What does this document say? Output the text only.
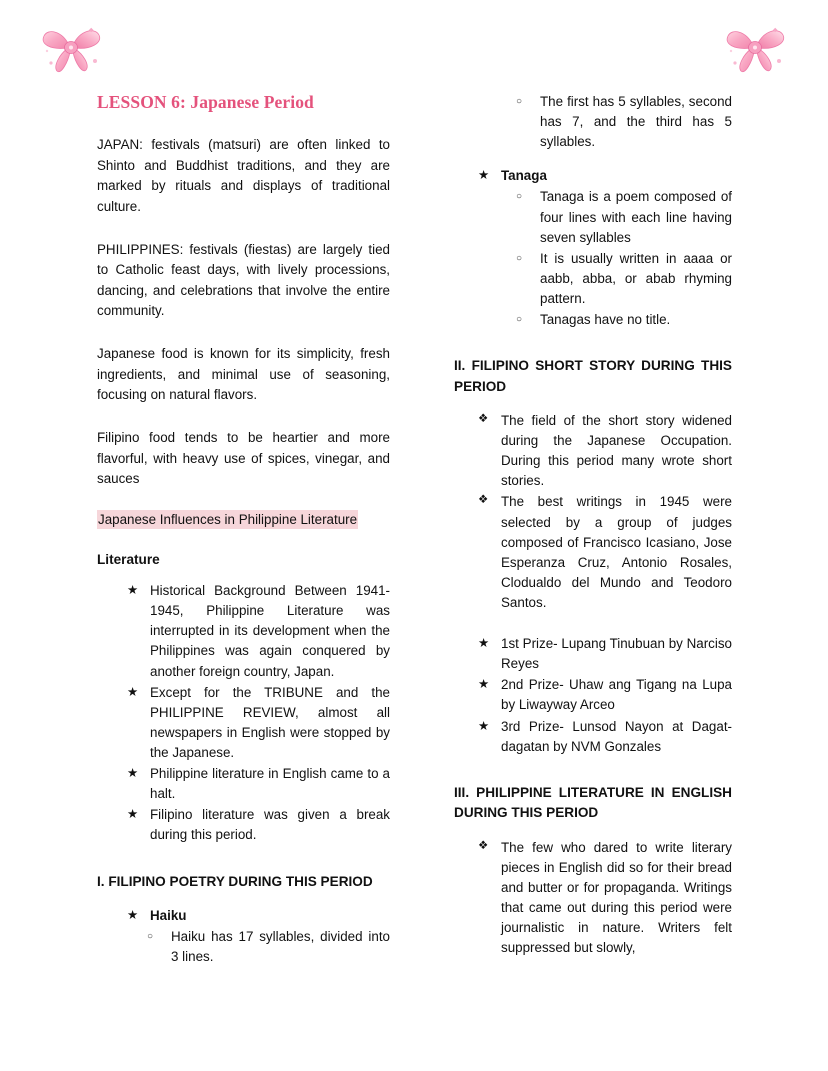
LESSON 6: Japanese Period

JAPAN: festivals (matsuri) are often linked to Shinto and Buddhist traditions, and they are marked by rituals and displays of traditional culture.

PHILIPPINES: festivals (fiestas) are largely tied to Catholic feast days, with lively processions, dancing, and celebrations that involve the entire community.

Japanese food is known for its simplicity, fresh ingredients, and minimal use of seasoning, focusing on natural flavors.

Filipino food tends to be heartier and more flavorful, with heavy use of spices, vinegar, and sauces

Japanese Influences in Philippine Literature
Literature
★ Historical Background Between 1941-1945, Philippine Literature was interrupted in its development when the Philippines was again conquered by another foreign country, Japan.
★ Except for the TRIBUNE and the PHILIPPINE REVIEW, almost all newspapers in English were stopped by the Japanese.
★ Philippine literature in English came to a halt.
★ Filipino literature was given a break during this period.
I. FILIPINO POETRY DURING THIS PERIOD
★ Haiku
○ Haiku has 17 syllables, divided into 3 lines.
○ The first has 5 syllables, second has 7, and the third has 5 syllables.
★ Tanaga
○ Tanaga is a poem composed of four lines with each line having seven syllables
○ It is usually written in aaaa or aabb, abba, or abab rhyming pattern.
○ Tanagas have no title.
II. FILIPINO SHORT STORY DURING THIS PERIOD
❖ The field of the short story widened during the Japanese Occupation. During this period many wrote short stories.
❖ The best writings in 1945 were selected by a group of judges composed of Francisco Icasiano, Jose Esperanza Cruz, Antonio Rosales, Clodualdo del Mundo and Teodoro Santos.
★ 1st Prize- Lupang Tinubuan by Narciso Reyes
★ 2nd Prize- Uhaw ang Tigang na Lupa by Liwayway Arceo
★ 3rd Prize- Lunsod Nayon at Dagat-dagatan by NVM Gonzales
III. PHILIPPINE LITERATURE IN ENGLISH DURING THIS PERIOD
❖ The few who dared to write literary pieces in English did so for their bread and butter or for propaganda. Writings that came out during this period were journalistic in nature. Writers felt suppressed but slowly,
